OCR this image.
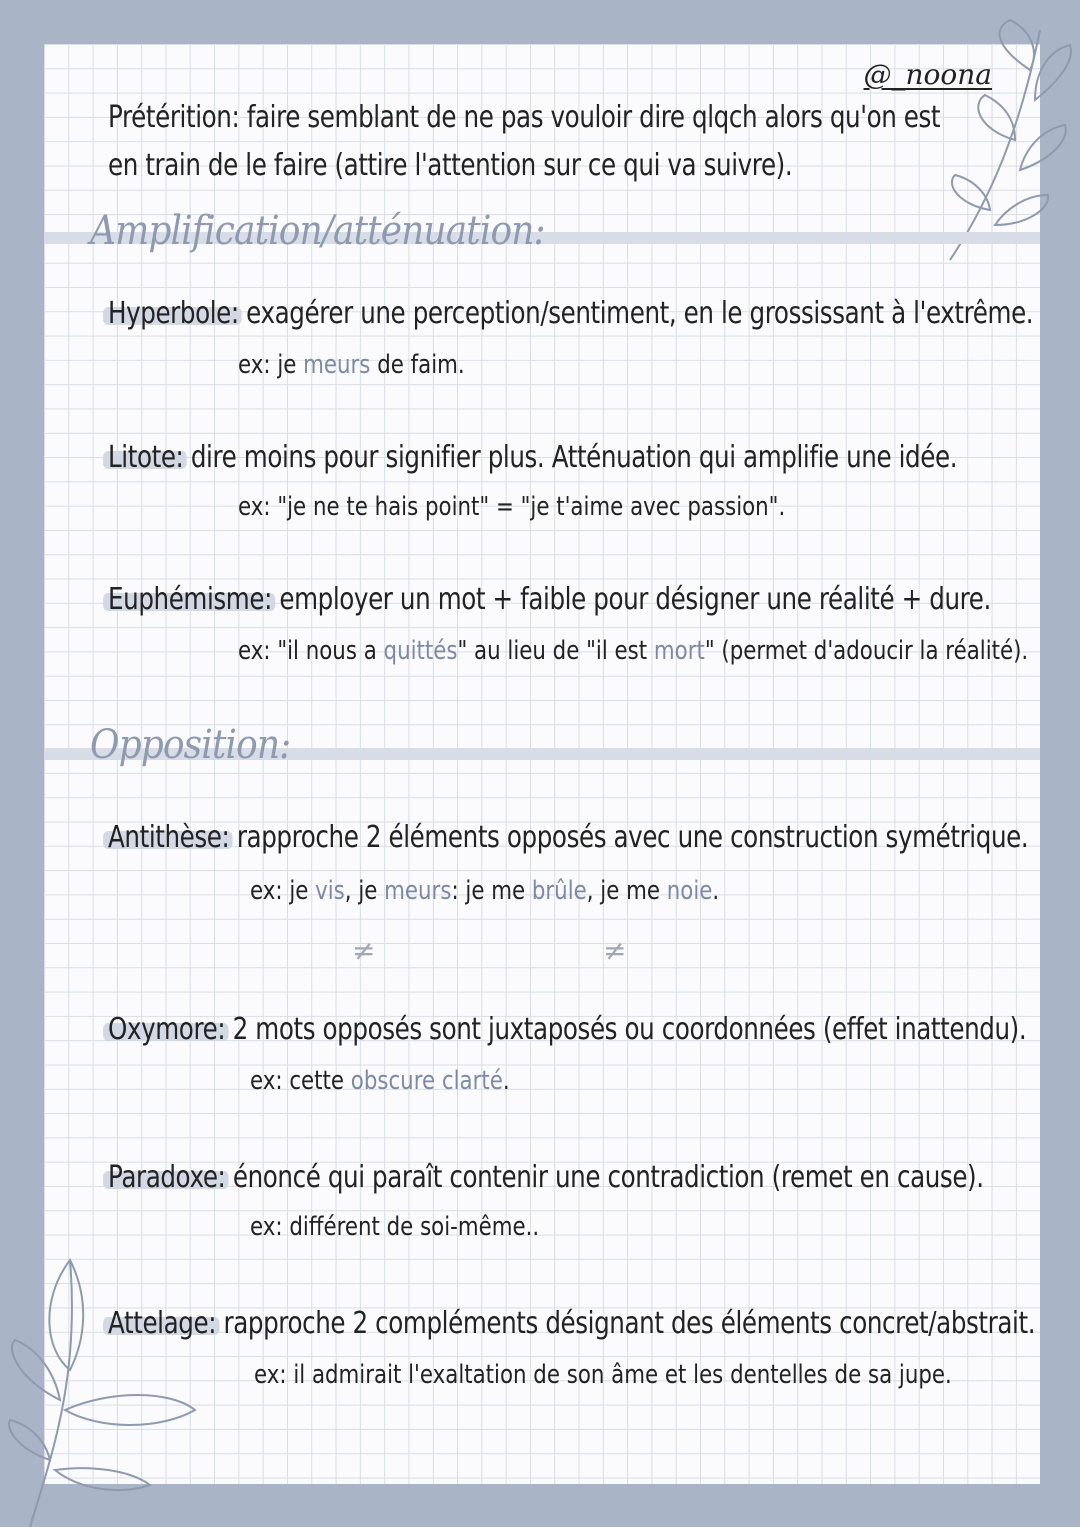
@_noona
Prétérition: faire semblant de ne pas vouloir dire qlqch alors qu'on est
en train de le faire (attire l'attention sur ce qui va suivre).
Amplification/atténuation:
Hyperbole: exagérer une perception/sentiment, en le grossissant à l'extrême.
ex: je meurs de faim.
Litote: dire moins pour signifier plus. Atténuation qui amplifie une idée.
ex: "je ne te hais point" = "je t'aime avec passion".
Euphémisme: employer un mot + faible pour désigner une réalité + dure.
ex: "il nous a quittés" au lieu de "il est mort" (permet d'adoucir la réalité).
Opposition:
Antithèse: rapproche 2 éléments opposés avec une construction symétrique.
ex: je vis, je meurs: je me brûle, je me noie.
≠	≠
Oxymore: 2 mots opposés sont juxtaposés ou coordonnées (effet inattendu).
ex: cette obscure clarté.
Paradoxe: énoncé qui paraît contenir une contradiction (remet en cause).
ex: différent de soi-même..
Attelage: rapproche 2 compléments désignant des éléments concret/abstrait.
ex: il admirait l'exaltation de son âme et les dentelles de sa jupe.
